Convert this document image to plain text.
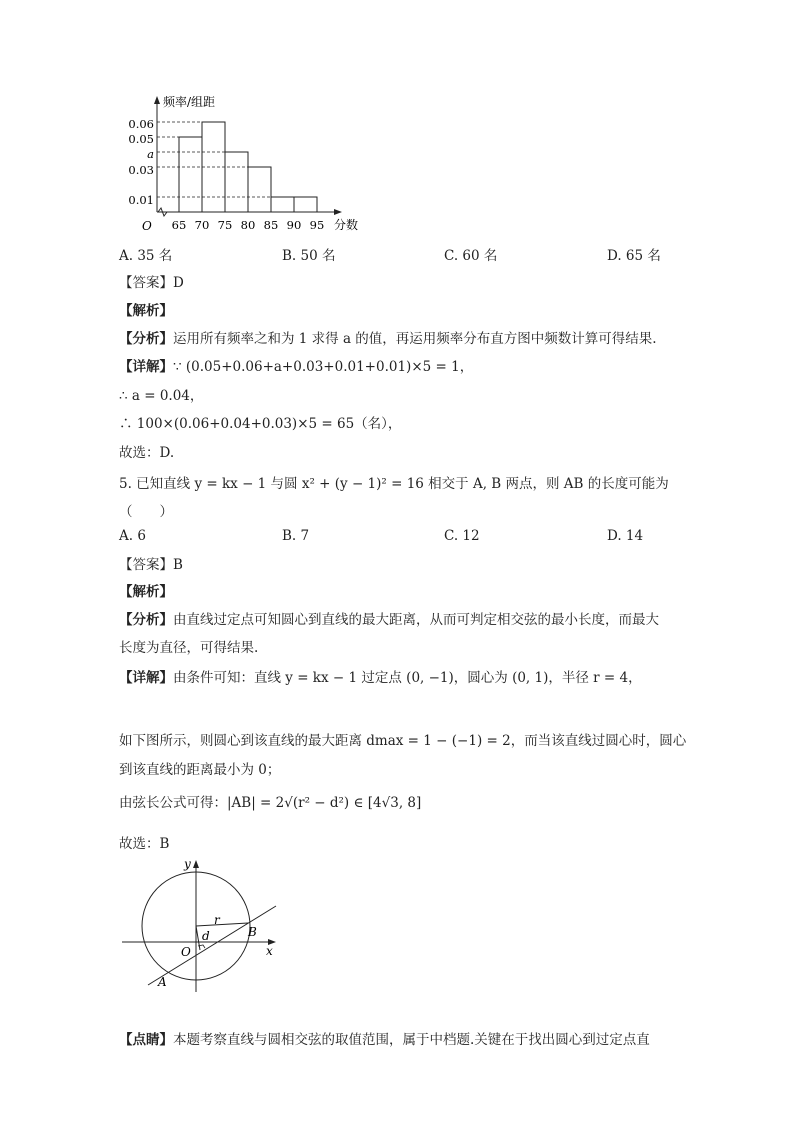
频率/组距
分数
O
0.06
0.05
a
0.03
0.01
65 70 75 80 85 90 95
A. 35 名	B. 50 名	C. 60 名	D. 65 名
【答案】D
【解析】
【分析】运用所有频率之和为 1 求得 a 的值，再运用频率分布直方图中频数计算可得结果.
【详解】∵ (0.05+0.06+a+0.03+0.01+0.01)×5 = 1，
∴ a = 0.04，
∴ 100×(0.06+0.04+0.03)×5 = 65（名），
故选：D.
5. 已知直线 y = kx − 1 与圆 x² + (y − 1)² = 16 相交于 A, B 两点，则 AB 的长度可能为
（　　）
A. 6	B. 7	C. 12	D. 14
【答案】B
【解析】
【分析】由直线过定点可知圆心到直线的最大距离，从而可判定相交弦的最小长度，而最大
长度为直径，可得结果.
【详解】由条件可知：直线 y = kx − 1 过定点 (0, −1)，圆心为 (0, 1)，半径 r = 4，
如下图所示，则圆心到该直线的最大距离 dmax = 1 − (−1) = 2，而当该直线过圆心时，圆心
到该直线的距离最小为 0；
由弦长公式可得：|AB| = 2√(r² − d²) ∈ [4√3, 8]
故选：B
y
x
r
d
O
A
B
【点睛】本题考察直线与圆相交弦的取值范围，属于中档题.关键在于找出圆心到过定点直
